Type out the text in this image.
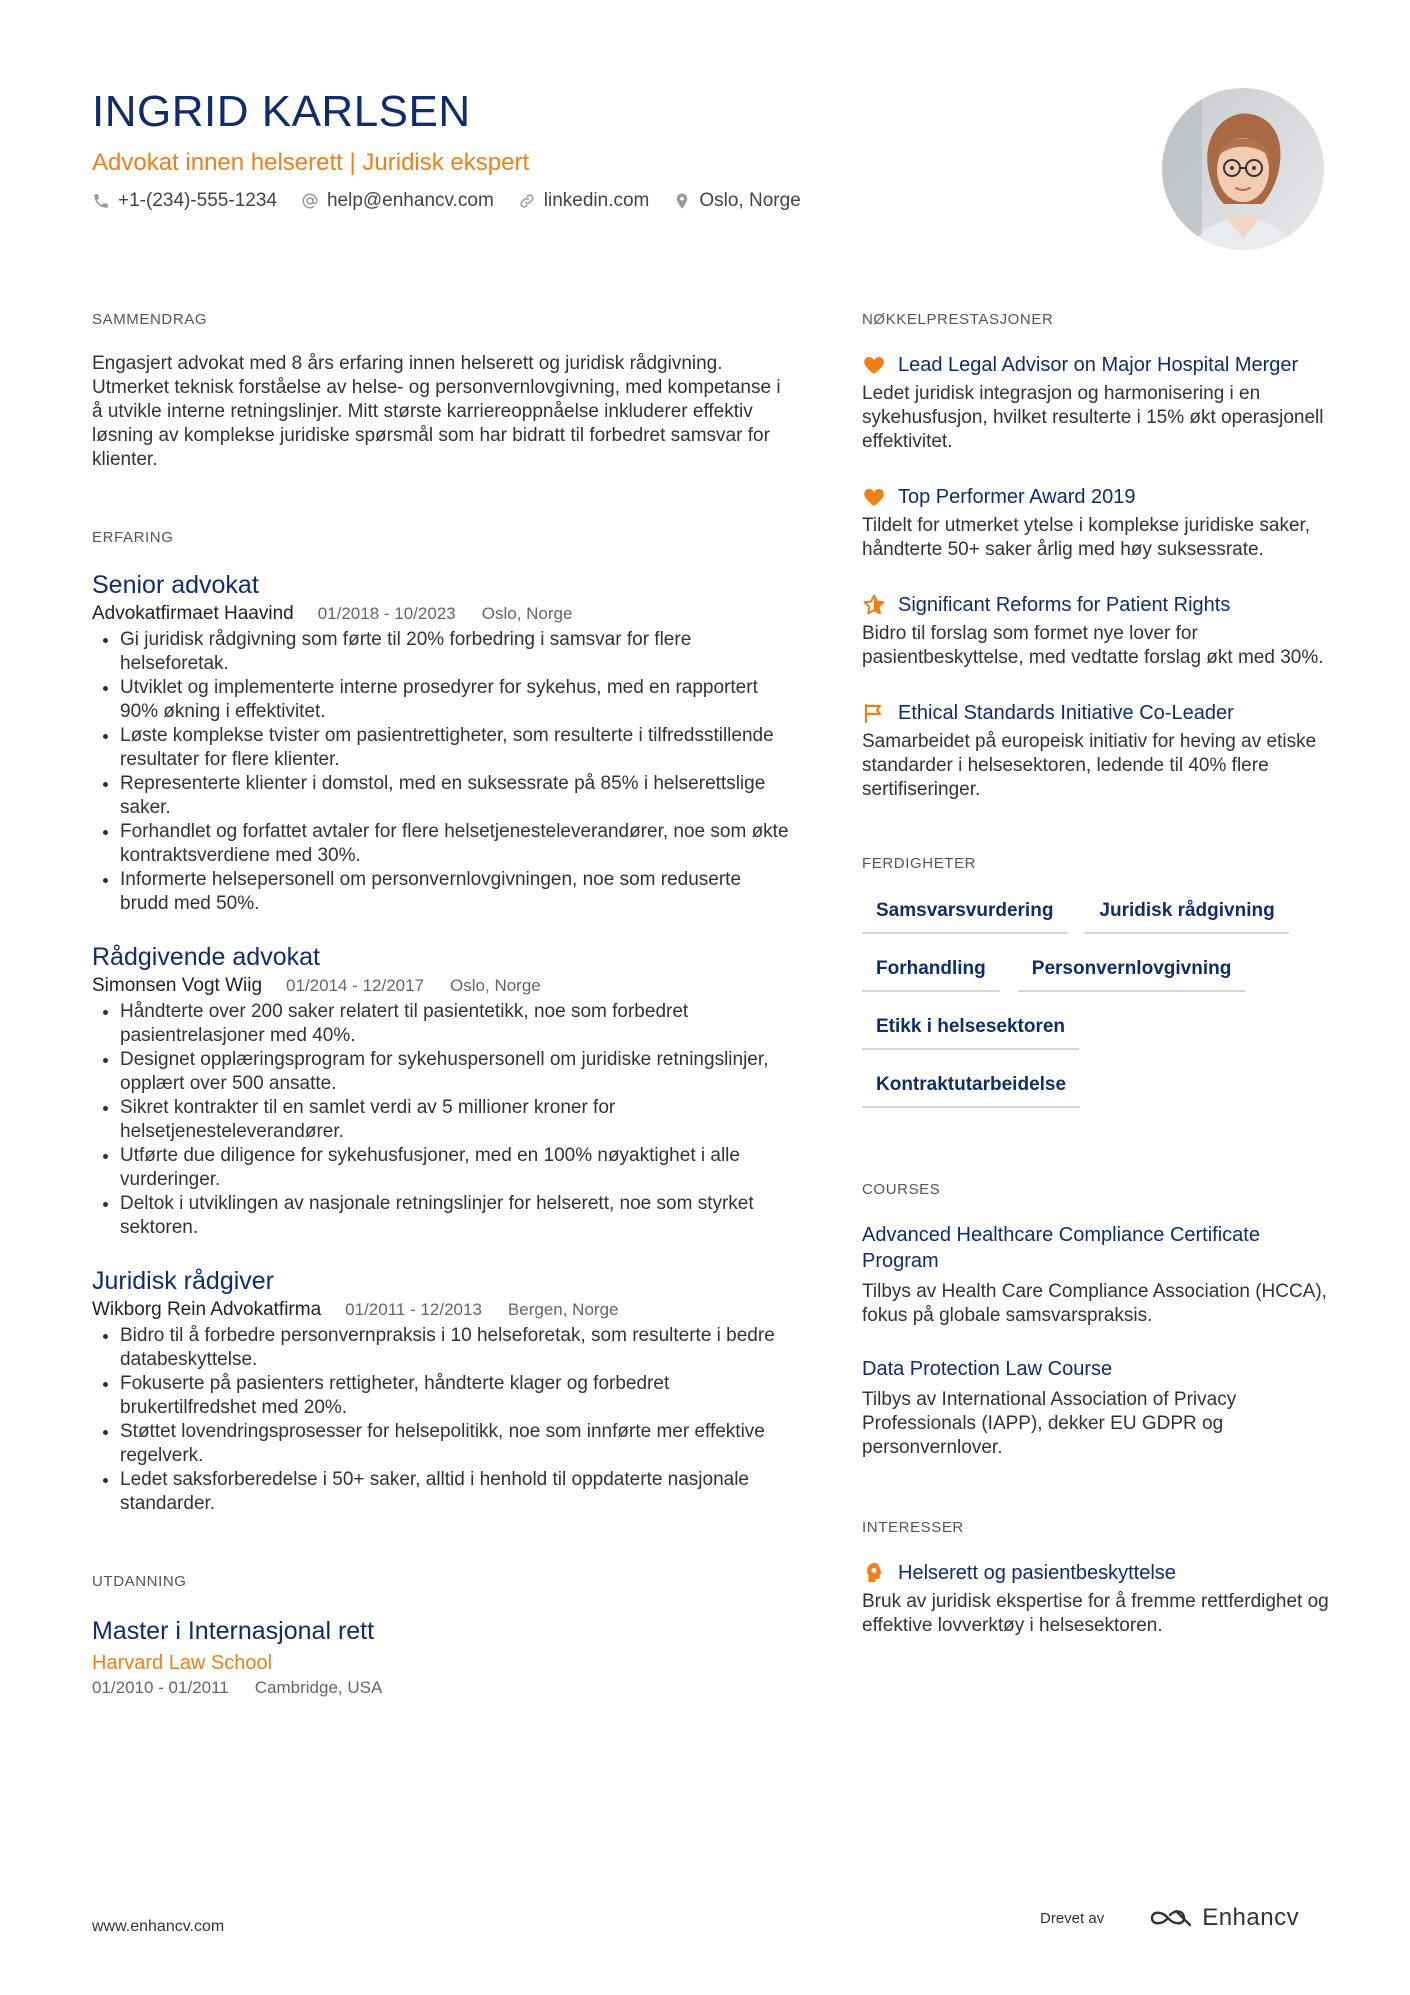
INGRID KARLSEN
Advokat innen helserett | Juridisk ekspert
+1-(234)-555-1234	help@enhancv.com	linkedin.com	Oslo, Norge
SAMMENDRAG
Engasjert advokat med 8 års erfaring innen helserett og juridisk rådgivning. Utmerket teknisk forståelse av helse- og personvernlovgivning, med kompetanse i å utvikle interne retningslinjer. Mitt største karriereoppnåelse inkluderer effektiv løsning av komplekse juridiske spørsmål som har bidratt til forbedret samsvar for klienter.
ERFARING
Senior advokat
Advokatfirmaet Haavind 01/2018 - 10/2023 Oslo, Norge
• Gi juridisk rådgivning som førte til 20% forbedring i samsvar for flere helseforetak.
• Utviklet og implementerte interne prosedyrer for sykehus, med en rapportert 90% økning i effektivitet.
• Løste komplekse tvister om pasientrettigheter, som resulterte i tilfredsstillende resultater for flere klienter.
• Representerte klienter i domstol, med en suksessrate på 85% i helserettslige saker.
• Forhandlet og forfattet avtaler for flere helsetjenesteleverandører, noe som økte kontraktsverdiene med 30%.
• Informerte helsepersonell om personvernlovgivningen, noe som reduserte brudd med 50%.
Rådgivende advokat
Simonsen Vogt Wiig 01/2014 - 12/2017 Oslo, Norge
• Håndterte over 200 saker relatert til pasientetikk, noe som forbedret pasientrelasjoner med 40%.
• Designet opplæringsprogram for sykehuspersonell om juridiske retningslinjer, opplært over 500 ansatte.
• Sikret kontrakter til en samlet verdi av 5 millioner kroner for helsetjenesteleverandører.
• Utførte due diligence for sykehusfusjoner, med en 100% nøyaktighet i alle vurderinger.
• Deltok i utviklingen av nasjonale retningslinjer for helserett, noe som styrket sektoren.
Juridisk rådgiver
Wikborg Rein Advokatfirma 01/2011 - 12/2013 Bergen, Norge
• Bidro til å forbedre personvernpraksis i 10 helseforetak, som resulterte i bedre databeskyttelse.
• Fokuserte på pasienters rettigheter, håndterte klager og forbedret brukertilfredshet med 20%.
• Støttet lovendringsprosesser for helsepolitikk, noe som innførte mer effektive regelverk.
• Ledet saksforberedelse i 50+ saker, alltid i henhold til oppdaterte nasjonale standarder.
UTDANNING
Master i Internasjonal rett
Harvard Law School
01/2010 - 01/2011 Cambridge, USA
NØKKELPRESTASJONER
Lead Legal Advisor on Major Hospital Merger
Ledet juridisk integrasjon og harmonisering i en sykehusfusjon, hvilket resulterte i 15% økt operasjonell effektivitet.
Top Performer Award 2019
Tildelt for utmerket ytelse i komplekse juridiske saker, håndterte 50+ saker årlig med høy suksessrate.
Significant Reforms for Patient Rights
Bidro til forslag som formet nye lover for pasientbeskyttelse, med vedtatte forslag økt med 30%.
Ethical Standards Initiative Co-Leader
Samarbeidet på europeisk initiativ for heving av etiske standarder i helsesektoren, ledende til 40% flere sertifiseringer.
FERDIGHETER
Samsvarsvurdering	Juridisk rådgivning
Forhandling	Personvernlovgivning
Etikk i helsesektoren
Kontraktutarbeidelse
COURSES
Advanced Healthcare Compliance Certificate Program
Tilbys av Health Care Compliance Association (HCCA), fokus på globale samsvarspraksis.
Data Protection Law Course
Tilbys av International Association of Privacy Professionals (IAPP), dekker EU GDPR og personvernlover.
INTERESSER
Helserett og pasientbeskyttelse
Bruk av juridisk ekspertise for å fremme rettferdighet og effektive lovverktøy i helsesektoren.
www.enhancv.com	Drevet av	Enhancv
